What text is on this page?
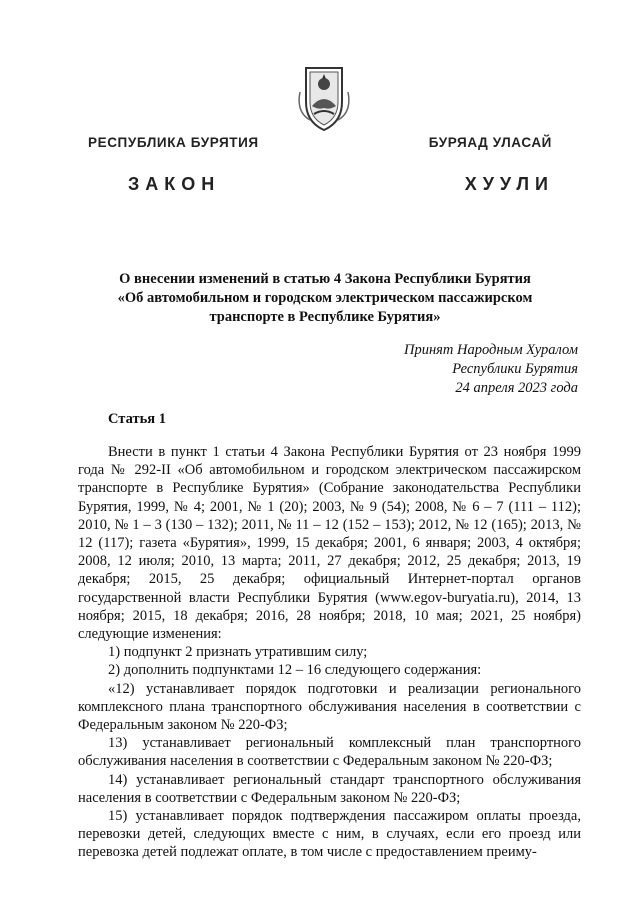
РЕСПУБЛИКА БУРЯТИЯ	БУРЯАД УЛАСАЙ
ЗАКОН	ХУУЛИ
О внесении изменений в статью 4 Закона Республики Бурятия
«Об автомобильном и городском электрическом пассажирском
транспорте в Республике Бурятия»
Принят Народным Хуралом
Республики Бурятия
24 апреля 2023 года
Статья 1

Внести в пункт 1 статьи 4 Закона Республики Бурятия от 23 ноября 1999 года № 292-II «Об автомобильном и городском электрическом пассажирском транспорте в Республике Бурятия» (Собрание законодательства Республики Бурятия, 1999, № 4; 2001, № 1 (20); 2003, № 9 (54); 2008, № 6 – 7 (111 – 112); 2010, № 1 – 3 (130 – 132); 2011, № 11 – 12 (152 – 153); 2012, № 12 (165); 2013, № 12 (117); газета «Бурятия», 1999, 15 декабря; 2001, 6 января; 2003, 4 октября; 2008, 12 июля; 2010, 13 марта; 2011, 27 декабря; 2012, 25 декабря; 2013, 19 декабря; 2015, 25 декабря; официальный Интернет-портал органов государственной власти Республики Бурятия (www.egov-buryatia.ru), 2014, 13 ноября; 2015, 18 декабря; 2016, 28 ноября; 2018, 10 мая; 2021, 25 ноября) следующие изменения:

1) подпункт 2 признать утратившим силу;

2) дополнить подпунктами 12 – 16 следующего содержания:

«12) устанавливает порядок подготовки и реализации регионального комплексного плана транспортного обслуживания населения в соответствии с Федеральным законом № 220-ФЗ;

13) устанавливает региональный комплексный план транспортного обслуживания населения в соответствии с Федеральным законом № 220-ФЗ;

14) устанавливает региональный стандарт транспортного обслуживания населения в соответствии с Федеральным законом № 220-ФЗ;

15) устанавливает порядок подтверждения пассажиром оплаты проезда, перевозки детей, следующих вместе с ним, в случаях, если его проезд или перевозка детей подлежат оплате, в том числе с предоставлением преиму-
